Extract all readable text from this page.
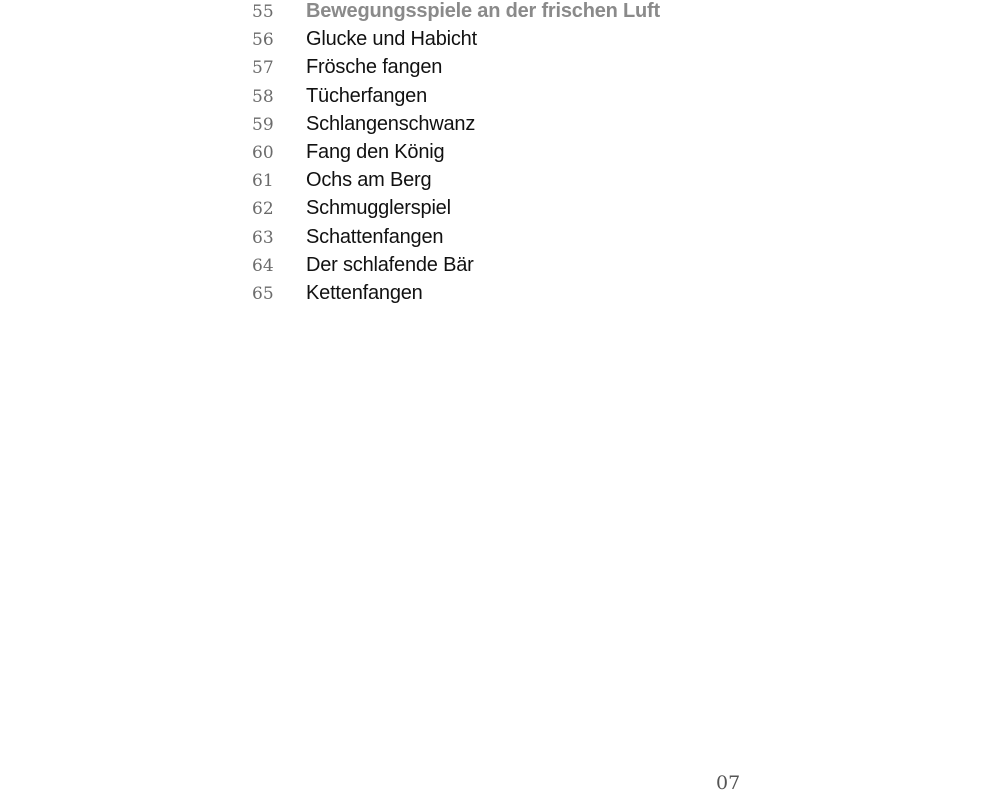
55	Bewegungsspiele an der frischen Luft
56	Glucke und Habicht
57	Frösche fangen
58	Tücherfangen
59	Schlangenschwanz
60	Fang den König
61	Ochs am Berg
62	Schmugglerspiel
63	Schattenfangen
64	Der schlafende Bär
65	Kettenfangen
07
